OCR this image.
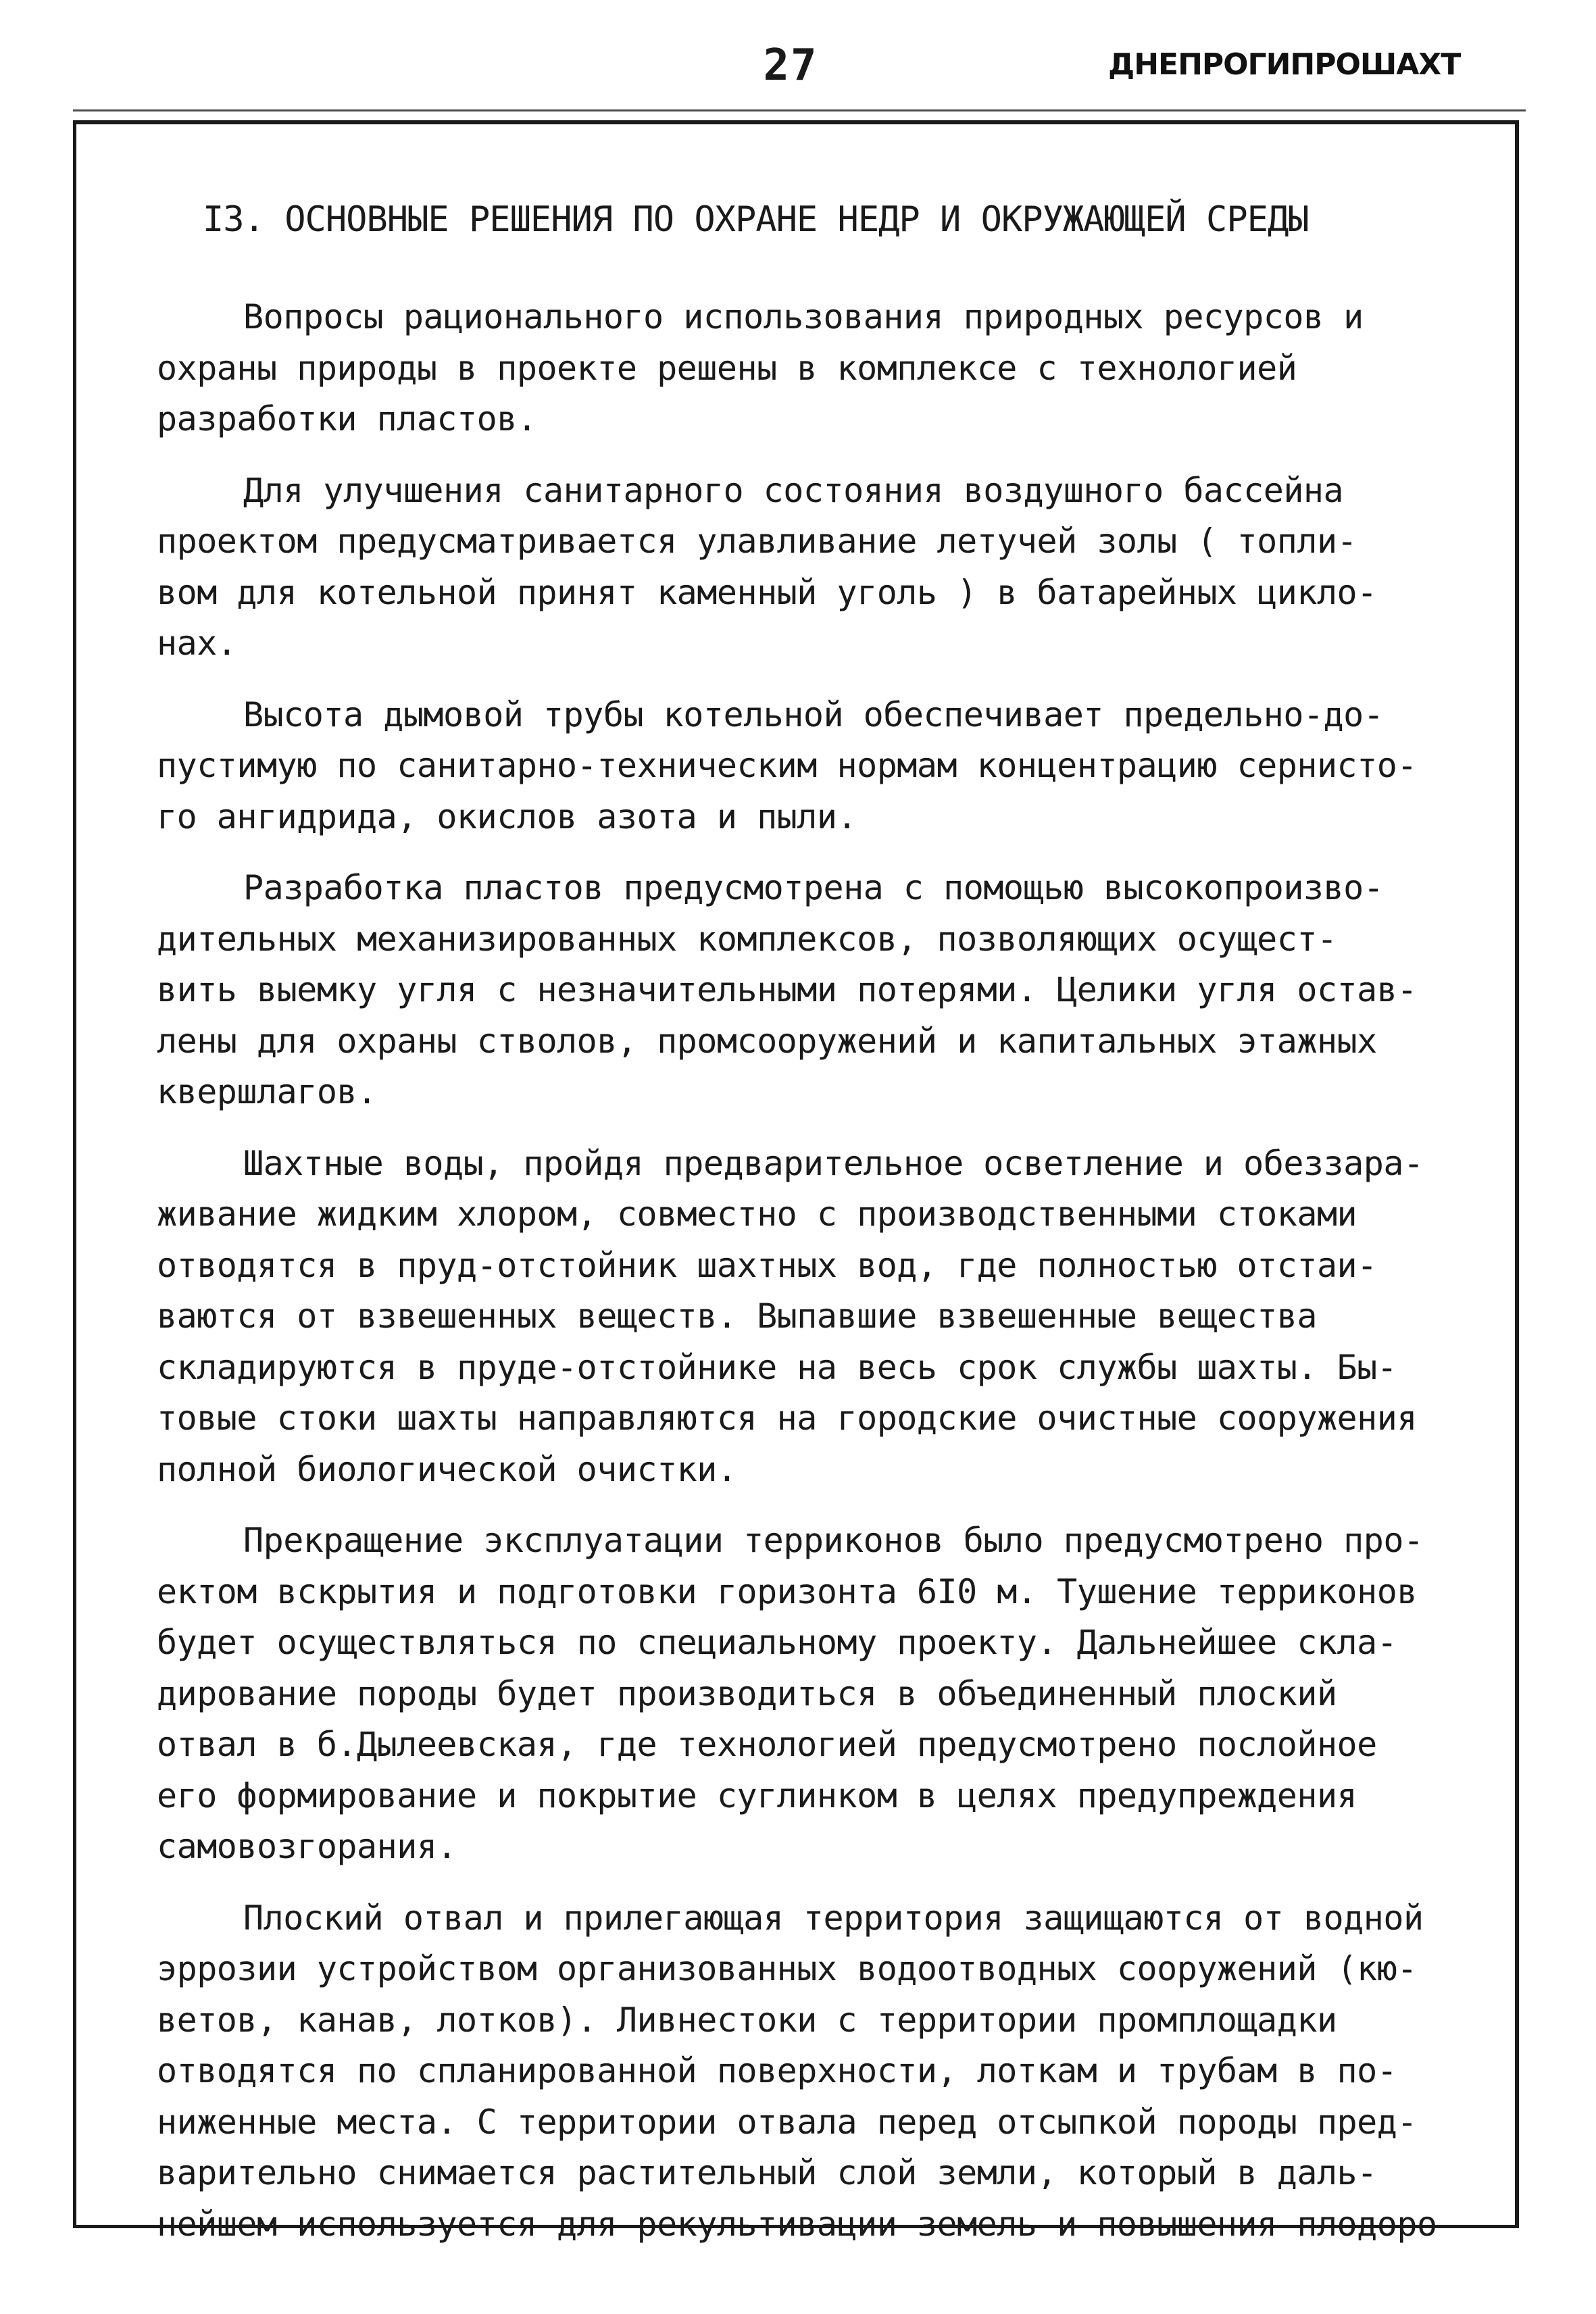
27	ДНЕПРОГИПРОШАХТ
I3. ОСНОВНЫЕ РЕШЕНИЯ ПО ОХРАНЕ НЕДР И ОКРУЖАЮЩЕЙ СРЕДЫ
Вопросы рационального использования природных ресурсов и
охраны природы в проекте решены в комплексе с технологией
разработки пластов.
Для улучшения санитарного состояния воздушного бассейна
проектом предусматривается улавливание летучей золы ( топли-
вом для котельной принят каменный уголь ) в батарейных цикло-
нах.
Высота дымовой трубы котельной обеспечивает предельно-до-
пустимую по санитарно-техническим нормам концентрацию сернисто-
го ангидрида, окислов азота и пыли.
Разработка пластов предусмотрена с помощью высокопроизво-
дительных механизированных комплексов, позволяющих осущест-
вить выемку угля с незначительными потерями. Целики угля остав-
лены для охраны стволов, промсооружений и капитальных этажных
квершлагов.
Шахтные воды, пройдя предварительное осветление и обеззара-
живание жидким хлором, совместно с производственными стоками
отводятся в пруд-отстойник шахтных вод, где полностью отстаи-
ваются от взвешенных веществ. Выпавшие взвешенные вещества
складируются в пруде-отстойнике на весь срок службы шахты. Бы-
товые стоки шахты направляются на городские очистные сооружения
полной биологической очистки.
Прекращение эксплуатации терриконов было предусмотрено про-
ектом вскрытия и подготовки горизонта 6I0 м. Тушение терриконов
будет осуществляться по специальному проекту. Дальнейшее скла-
дирование породы будет производиться в объединенный плоский
отвал в б.Дылеевская, где технологией предусмотрено послойное
его формирование и покрытие суглинком в целях предупреждения
самовозгорания.
Плоский отвал и прилегающая территория защищаются от водной
эррозии устройством организованных водоотводных сооружений (кю-
ветов, канав, лотков). Ливнестоки с территории промплощадки
отводятся по спланированной поверхности, лоткам и трубам в по-
ниженные места. С территории отвала перед отсыпкой породы пред-
варительно снимается растительный слой земли, который в даль-
нейшем используется для рекультивации земель и повышения плодоро-
